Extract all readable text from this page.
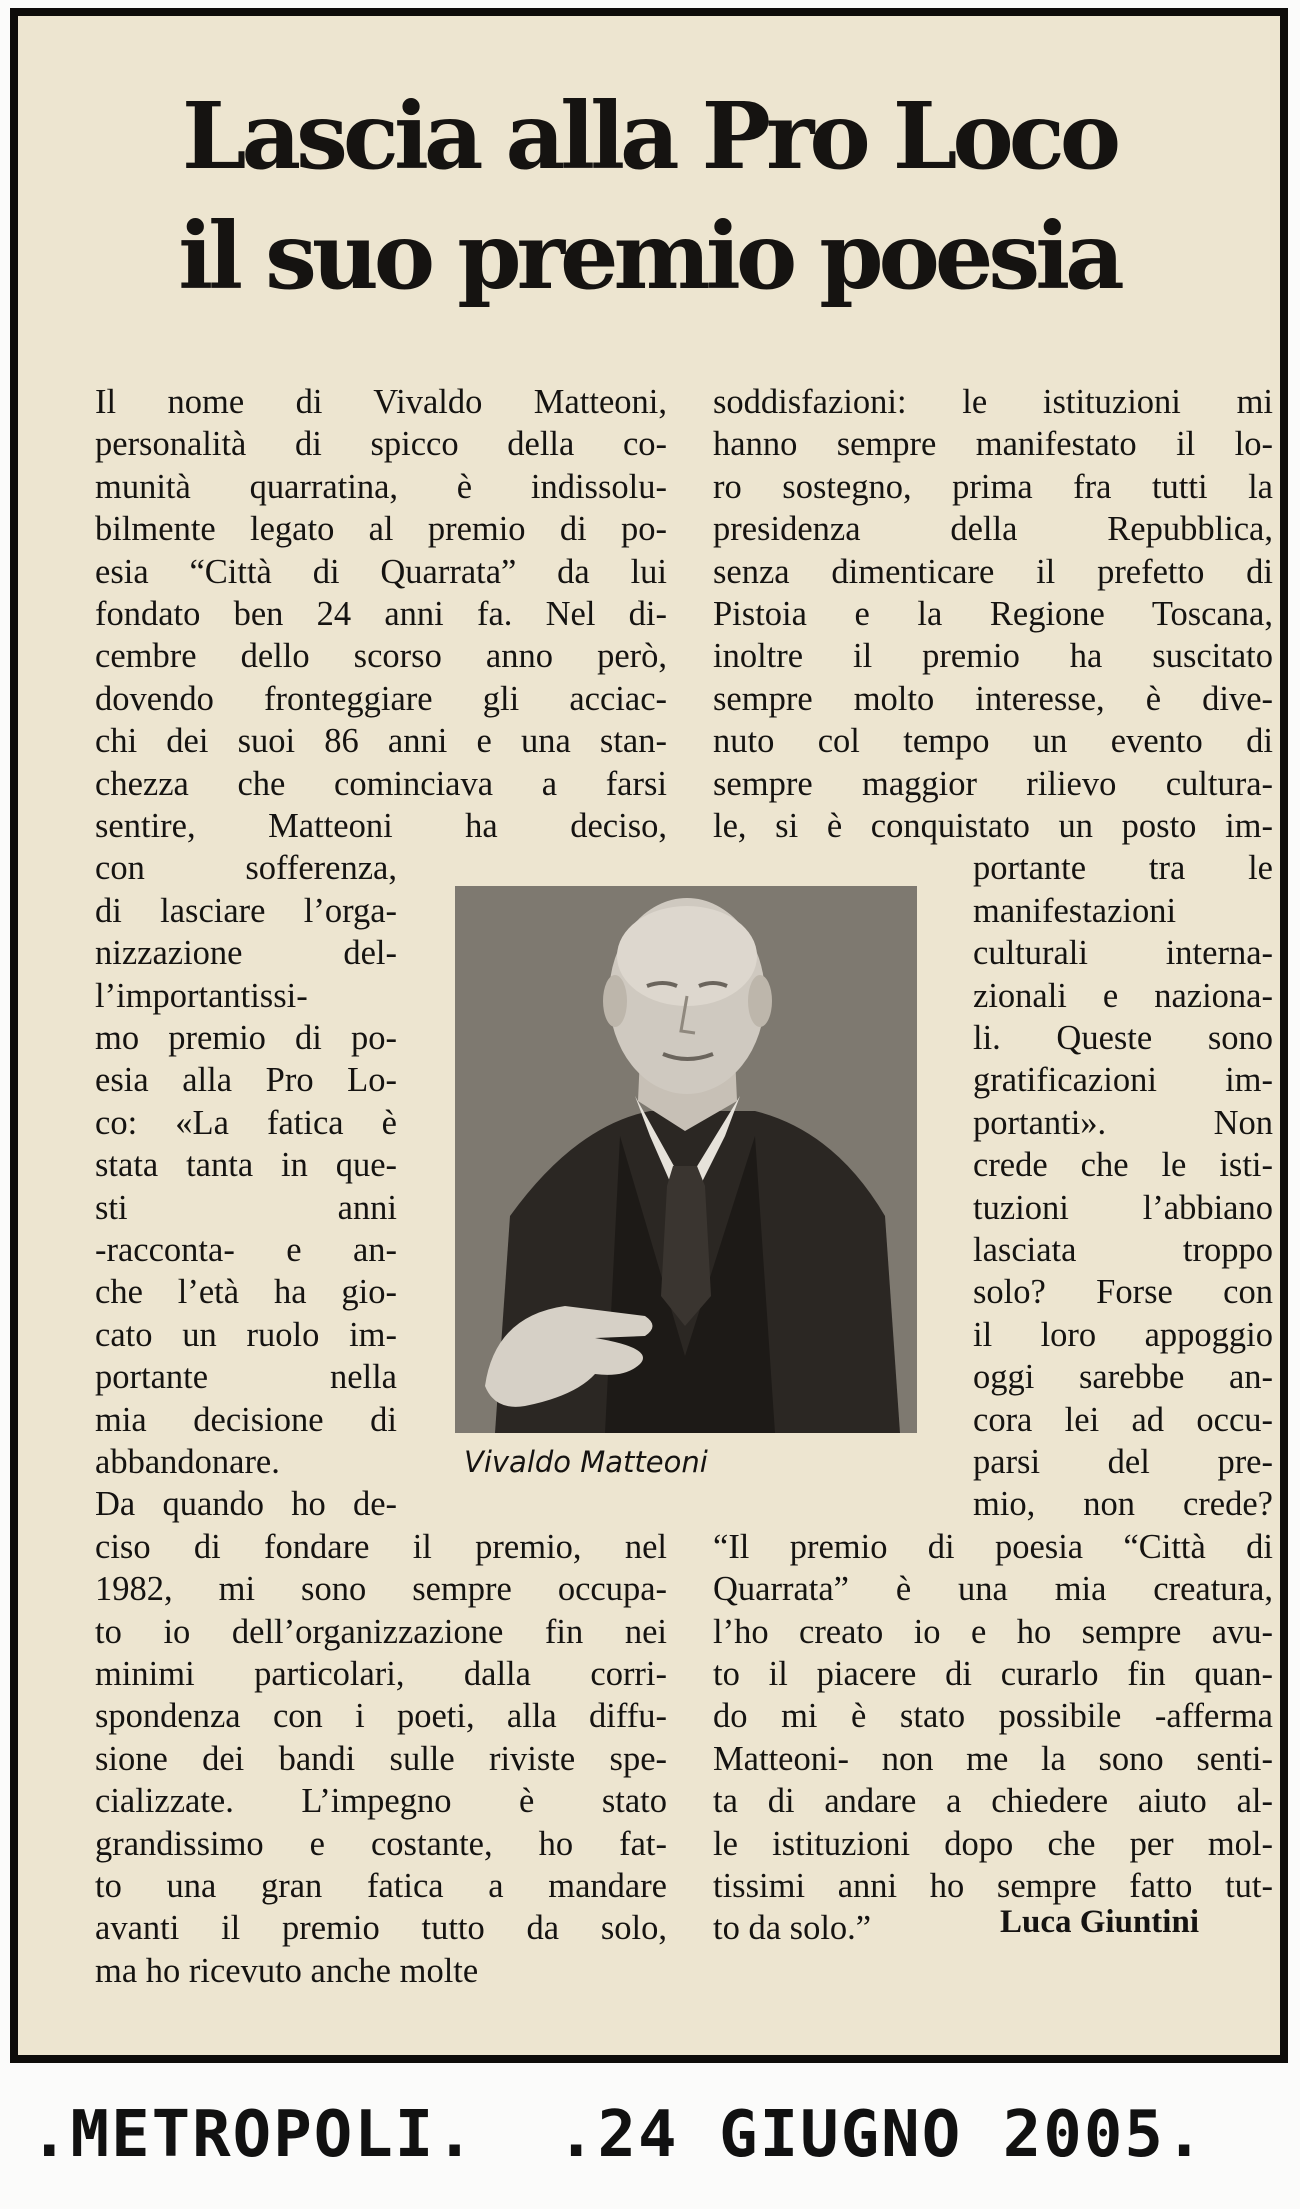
Lascia alla Pro Loco
il suo premio poesia
Il nome di Vivaldo Matteoni,
personalità di spicco della co-
munità quarratina, è indissolu-
bilmente legato al premio di po-
esia “Città di Quarrata” da lui
fondato ben 24 anni fa. Nel di-
cembre dello scorso anno però,
dovendo fronteggiare gli acciac-
chi dei suoi 86 anni e una stan-
chezza che cominciava a farsi
sentire, Matteoni ha deciso,
con sofferenza,
di lasciare l’orga-
nizzazione del-
l’importantissi-
mo premio di po-
esia alla Pro Lo-
co: «La fatica è
stata tanta in que-
sti anni
-racconta- e an-
che l’età ha gio-
cato un ruolo im-
portante nella
mia decisione di
abbandonare.
Da quando ho de-
ciso di fondare il premio, nel
1982, mi sono sempre occupa-
to io dell’organizzazione fin nei
minimi particolari, dalla corri-
spondenza con i poeti, alla diffu-
sione dei bandi sulle riviste spe-
cializzate. L’impegno è stato
grandissimo e costante, ho fat-
to una gran fatica a mandare
avanti il premio tutto da solo,
ma ho ricevuto anche molte
soddisfazioni: le istituzioni mi
hanno sempre manifestato il lo-
ro sostegno, prima fra tutti la
presidenza della Repubblica,
senza dimenticare il prefetto di
Pistoia e la Regione Toscana,
inoltre il premio ha suscitato
sempre molto interesse, è dive-
nuto col tempo un evento di
sempre maggior rilievo cultura-
le, si è conquistato un posto im-
portante tra le
manifestazioni
culturali interna-
zionali e naziona-
li. Queste sono
gratificazioni im-
portanti». Non
crede che le isti-
tuzioni l’abbiano
lasciata troppo
solo? Forse con
il loro appoggio
oggi sarebbe an-
cora lei ad occu-
parsi del pre-
mio, non crede?
“Il premio di poesia “Città di
Quarrata” è una mia creatura,
l’ho creato io e ho sempre avu-
to il piacere di curarlo fin quan-
do mi è stato possibile -afferma
Matteoni- non me la sono senti-
ta di andare a chiedere aiuto al-
le istituzioni dopo che per mol-
tissimi anni ho sempre fatto tut-
to da solo.”
Vivaldo Matteoni
Luca Giuntini
.METROPOLI.  .24 GIUGNO 2005.
